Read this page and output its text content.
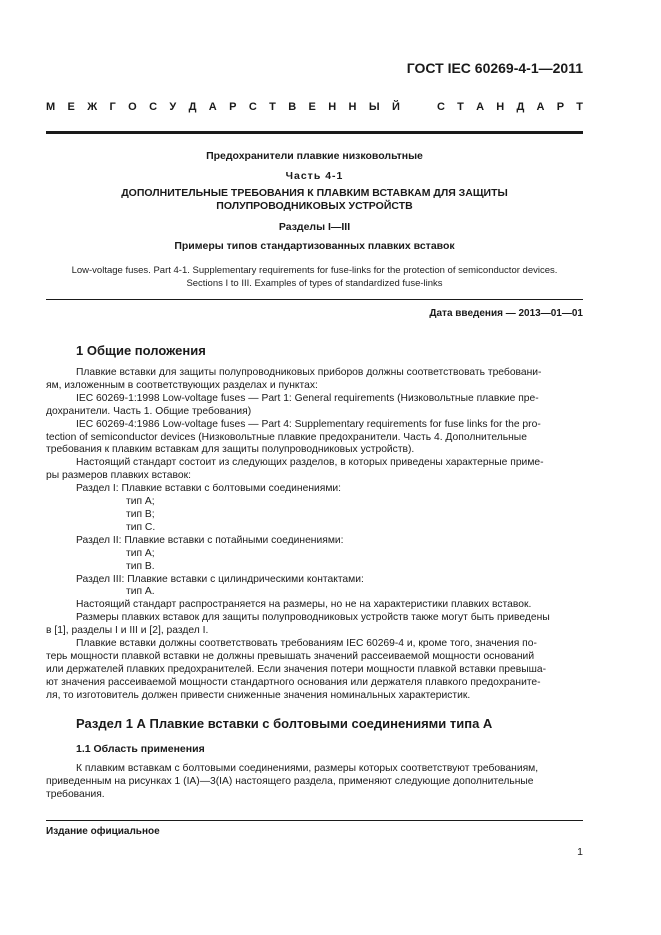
ГОСТ IEC 60269-4-1—2011
М Е Ж Г О С У Д А Р С Т В Е Н Н Ы Й	С Т А Н Д А Р Т
Предохранители плавкие низковольтные
Часть 4-1
ДОПОЛНИТЕЛЬНЫЕ ТРЕБОВАНИЯ К ПЛАВКИМ ВСТАВКАМ ДЛЯ ЗАЩИТЫ
ПОЛУПРОВОДНИКОВЫХ УСТРОЙСТВ
Разделы I—III
Примеры типов стандартизованных плавких вставок
Low-voltage fuses. Part 4-1. Supplementary requirements for fuse-links for the protection of semiconductor devices.
Sections I to III. Examples of types of standardized fuse-links
Дата введения — 2013—01—01
1 Общие положения
Плавкие вставки для защиты полупроводниковых приборов должны соответствовать требовани-
ям, изложенным в соответствующих разделах и пунктах:
IEC 60269-1:1998 Low-voltage fuses — Part 1: General requirements (Низковольтные плавкие пре-
дохранители. Часть 1. Общие требования)
IEC 60269-4:1986 Low-voltage fuses — Part 4: Supplementary requirements for fuse links for the pro-
tection of semiconductor devices (Низковольтные плавкие предохранители. Часть 4. Дополнительные
требования к плавким вставкам для защиты полупроводниковых устройств).
Настоящий стандарт состоит из следующих разделов, в которых приведены характерные приме-
ры размеров плавких вставок:
Раздел I: Плавкие вставки с болтовыми соединениями:
тип А;
тип В;
тип С.
Раздел II: Плавкие вставки с потайными соединениями:
тип А;
тип В.
Раздел III: Плавкие вставки с цилиндрическими контактами:
тип А.
Настоящий стандарт распространяется на размеры, но не на характеристики плавких вставок.
Размеры плавких вставок для защиты полупроводниковых устройств также могут быть приведены
в [1], разделы I и III и [2], раздел I.
Плавкие вставки должны соответствовать требованиям IEC 60269-4 и, кроме того, значения по-
терь мощности плавкой вставки не должны превышать значений рассеиваемой мощности оснований
или держателей плавких предохранителей. Если значения потери мощности плавкой вставки превышa-
ют значения рассеиваемой мощности стандартного основания или держателя плавкого предохраните-
ля, то изготовитель должен привести сниженные значения номинальных характеристик.
Раздел 1 А Плавкие вставки с болтовыми соединениями типа А
1.1 Область применения
К плавким вставкам с болтовыми соединениями, размеры которых соответствуют требованиям,
приведенным на рисунках 1 (IA)—3(IA) настоящего раздела, применяют следующие дополнительные
требования.
Издание официальное
1
